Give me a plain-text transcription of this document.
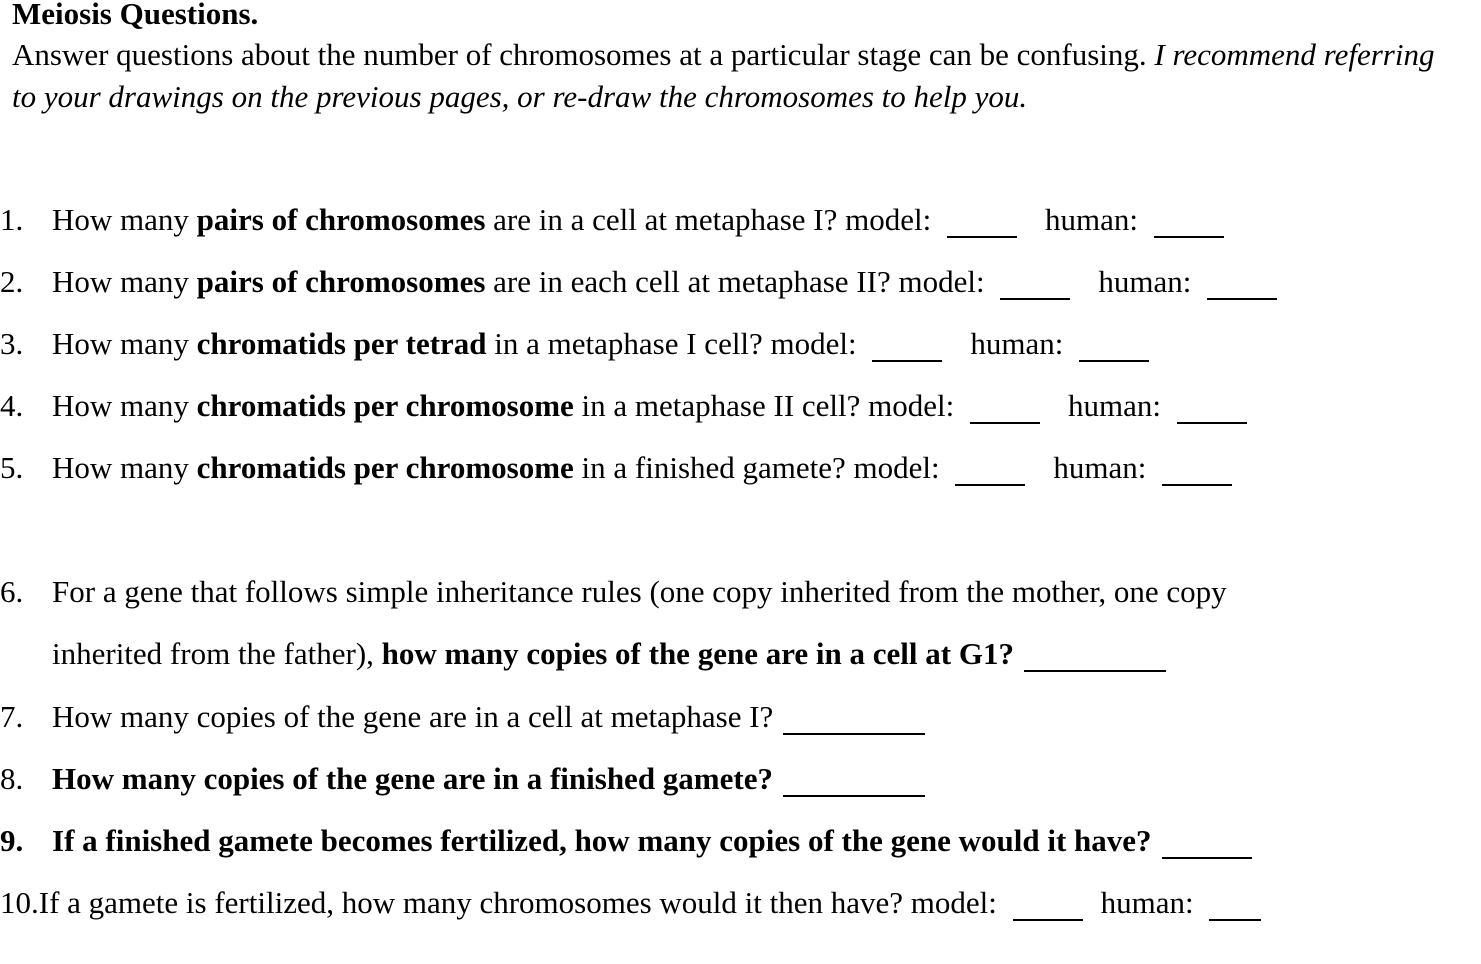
Meiosis Questions.
Answer questions about the number of chromosomes at a particular stage can be confusing. I recommend referring to your drawings on the previous pages, or re-draw the chromosomes to help you.
1. How many pairs of chromosomes are in a cell at metaphase I? model:	human:
2. How many pairs of chromosomes are in each cell at metaphase II? model:	human:
3. How many chromatids per tetrad in a metaphase I cell? model:	human:
4. How many chromatids per chromosome in a metaphase II cell? model:	human:
5. How many chromatids per chromosome in a finished gamete? model:	human:
6. For a gene that follows simple inheritance rules (one copy inherited from the mother, one copy
inherited from the father), how many copies of the gene are in a cell at G1?
7. How many copies of the gene are in a cell at metaphase I?
8. How many copies of the gene are in a finished gamete?
9. If a finished gamete becomes fertilized, how many copies of the gene would it have?
10.If a gamete is fertilized, how many chromosomes would it then have? model:	human:
